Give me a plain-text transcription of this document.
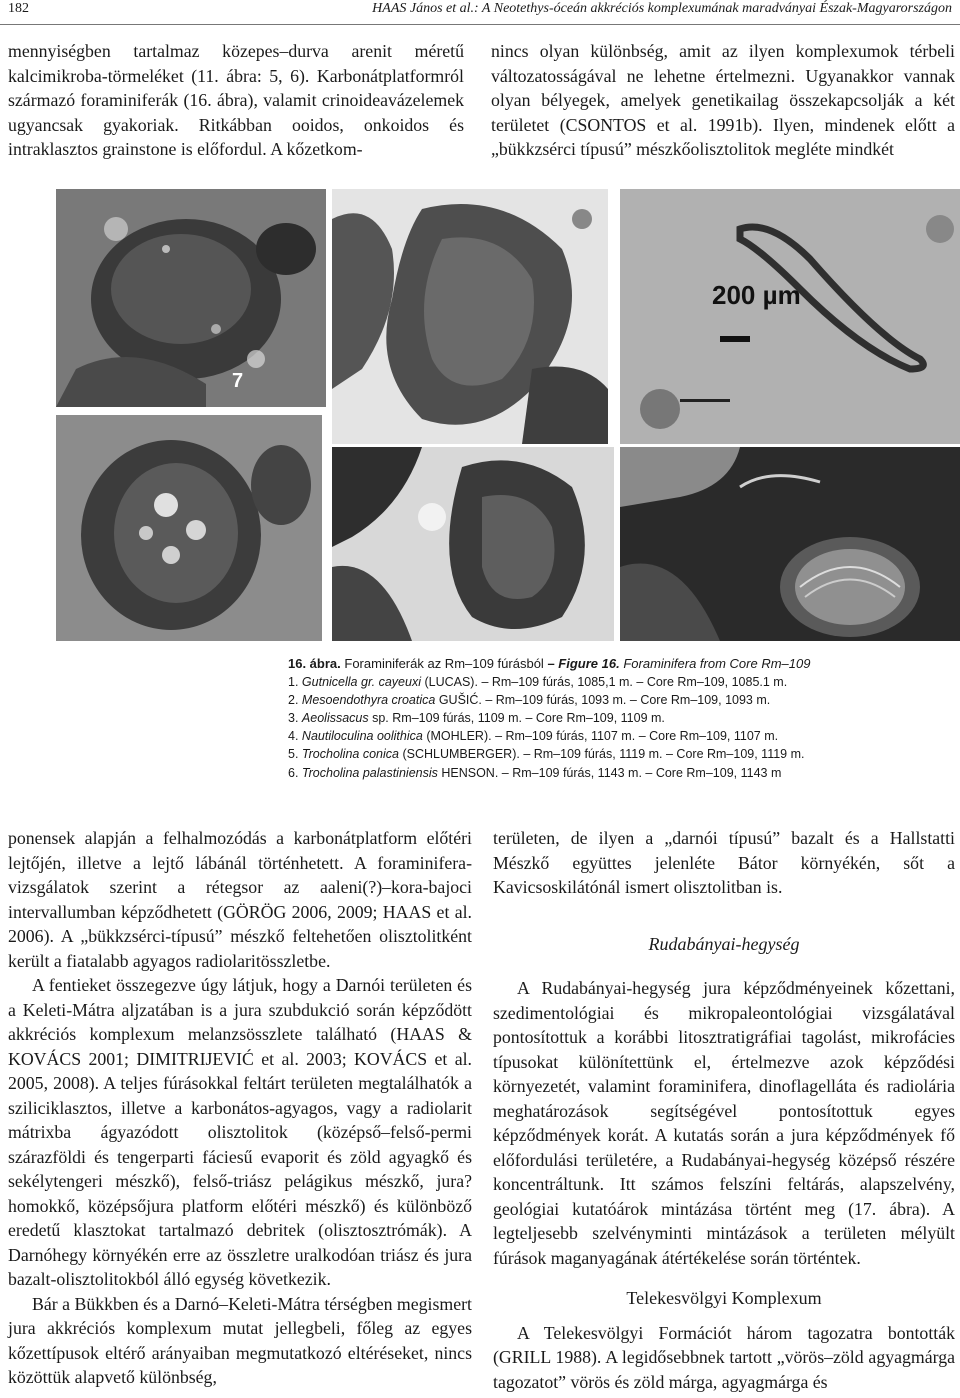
182	HAAS János et al.: A Neotethys-óceán akkréciós komplexumának maradványai Észak-Magyarországon

mennyiségben tartalmaz közepes–durva arenit méretű kalcimikroba-törmeléket (11. ábra: 5, 6). Karbonátplatformról származó foraminiferák (16. ábra), valamit crinoideavázelemek ugyancsak gyakoriak. Ritkábban ooidos, onkoidos és intraklasztos grainstone is előfordul. A kőzetkom-

nincs olyan különbség, amit az ilyen komplexumok térbeli változatosságával ne lehetne értelmezni. Ugyanakkor vannak olyan bélyegek, amelyek genetikailag összekapcsolják a két területet (CSONTOS et al. 1991b). Ilyen, mindenek előtt a „bükkzsérci típusú” mészkőolisztolitok megléte mindkét

7
200 µm
16. ábra. Foraminiferák az Rm–109 fúrásból – Figure 16. Foraminifera from Core Rm–109
1. Gutnicella gr. cayeuxi (LUCAS). – Rm–109 fúrás, 1085,1 m. – Core Rm–109, 1085.1 m.
2. Mesoendothyra croatica GUŠIĆ. – Rm–109 fúrás, 1093 m. – Core Rm–109, 1093 m.
3. Aeolissacus sp. Rm–109 fúrás, 1109 m. – Core Rm–109, 1109 m.
4. Nautiloculina oolithica (MOHLER). – Rm–109 fúrás, 1107 m. – Core Rm–109, 1107 m.
5. Trocholina conica (SCHLUMBERGER). – Rm–109 fúrás, 1119 m. – Core Rm–109, 1119 m.
6. Trocholina palastiniensis HENSON. – Rm–109 fúrás, 1143 m. – Core Rm–109, 1143 m

ponensek alapján a felhalmozódás a karbonátplatform előtéri lejtőjén, illetve a lejtő lábánál történhetett. A foraminifera-vizsgálatok szerint a rétegsor az aaleni(?)–kora-bajoci intervallumban képződhetett (GÖRÖG 2006, 2009; HAAS et al. 2006). A „bükkzsérci-típusú” mészkő feltehetően olisztolitként került a fiatalabb agyagos radiolaritösszletbe.

A fentieket összegezve úgy látjuk, hogy a Darnói területen és a Keleti-Mátra aljzatában is a jura szubdukció során képződött akkréciós komplexum melanzsösszlete található (HAAS & KOVÁCS 2001; DIMITRIJEVIĆ et al. 2003; KOVÁCS et al. 2005, 2008). A teljes fúrásokkal feltárt területen megtalálhatók a sziliciklasztos, illetve a karbonátos-agyagos, vagy a radiolarit mátrixba ágyazódott olisztolitok (középső–felső-permi szárazföldi és tengerparti fáciesű evaporit és zöld agyagkő és sekélytengeri mészkő), felső-triász pelágikus mészkő, jura? homokkő, középsőjura platform előtéri mészkő) és különböző eredetű klasztokat tartalmazó debritek (olisztosztrómák). A Darnóhegy környékén erre az összletre uralkodóan triász és jura bazalt-olisztolitokból álló egység következik.

Bár a Bükkben és a Darnó–Keleti-Mátra térségben megismert jura akkréciós komplexum mutat jellegbeli, főleg az egyes kőzettípusok eltérő arányaiban megmutatkozó eltéréseket, nincs közöttük alapvető különbség,

területen, de ilyen a „darnói típusú” bazalt és a Hallstatti Mészkő együttes jelenléte Bátor környékén, sőt a Kavicsoskilátónál ismert olisztolitban is.

Rudabányai-hegység

A Rudabányai-hegység jura képződményeinek kőzettani, szedimentológiai és mikropaleontológiai vizsgálatával pontosítottuk a korábbi litosztratigráfiai tagolást, mikrofácies típusokat különítettünk el, értelmezve azok képződési környezetét, valamint foraminifera, dinoflagelláta és radiolária meghatározások segítségével pontosítottuk egyes képződmények korát. A kutatás során a jura képződmények fő előfordulási területére, a Rudabányai-hegység középső részére koncentráltunk. Itt számos felszíni feltárás, alapszelvény, geológiai kutatóárok mintázása történt meg (17. ábra). A legteljesebb szelvényminti mintázások a területen mélyült fúrások maganyagának átértékelése során történtek.

Telekesvölgyi Komplexum

A Telekesvölgyi Formációt három tagozatra bontották (GRILL 1988). A legidősebbnek tartott „vörös–zöld agyagmárga tagozatot” vörös és zöld márga, agyagmárga és
